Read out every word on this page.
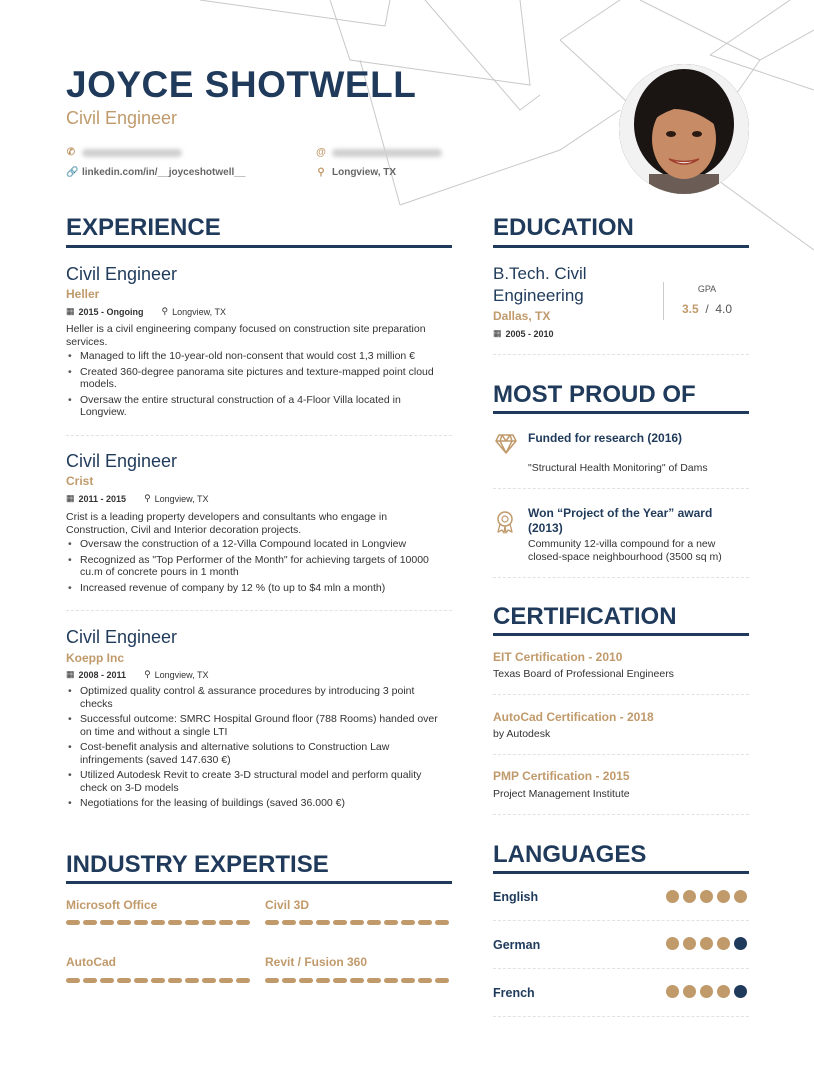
JOYCE SHOTWELL
Civil Engineer
✆	@
🔗 linkedin.com/in/__joyceshotwell__	⚲ Longview, TX
EXPERIENCE
Civil Engineer
Heller
▦ 2015 - Ongoing ⚲ Longview, TX
Heller is a civil engineering company focused on construction site preparation services.
• Managed to lift the 10-year-old non-consent that would cost 1,3 million €
• Created 360-degree panorama site pictures and texture-mapped point cloud models.
• Oversaw the entire structural construction of a 4-Floor Villa located in Longview.
Civil Engineer
Crist
▦ 2011 - 2015 ⚲ Longview, TX
Crist is a leading property developers and consultants who engage in Construction, Civil and Interior decoration projects.
• Oversaw the construction of a 12-Villa Compound located in Longview
• Recognized as "Top Performer of the Month" for achieving targets of 10000 cu.m of concrete pours in 1 month
• Increased revenue of company by 12 % (to up to $4 mln a month)
Civil Engineer
Koepp Inc
▦ 2008 - 2011 ⚲ Longview, TX
• Optimized quality control & assurance procedures by introducing 3 point checks
• Successful outcome: SMRC Hospital Ground floor (788 Rooms) handed over on time and without a single LTI
• Cost-benefit analysis and alternative solutions to Construction Law infringements (saved 147.630 €)
• Utilized Autodesk Revit to create 3-D structural model and perform quality check on 3-D models
• Negotiations for the leasing of buildings (saved 36.000 €)
INDUSTRY EXPERTISE
Microsoft Office	Civil 3D
AutoCad	Revit / Fusion 360
EDUCATION
B.Tech. Civil Engineering
Dallas, TX
▦ 2005 - 2010
GPA
3.5 / 4.0
MOST PROUD OF
Funded for research (2016)
"Structural Health Monitoring" of Dams
Won “Project of the Year” award (2013)
Community 12-villa compound for a new closed-space neighbourhood (3500 sq m)
CERTIFICATION
EIT Certification - 2010
Texas Board of Professional Engineers
AutoCad Certification - 2018
by Autodesk
PMP Certification - 2015
Project Management Institute
LANGUAGES
English
German
French
